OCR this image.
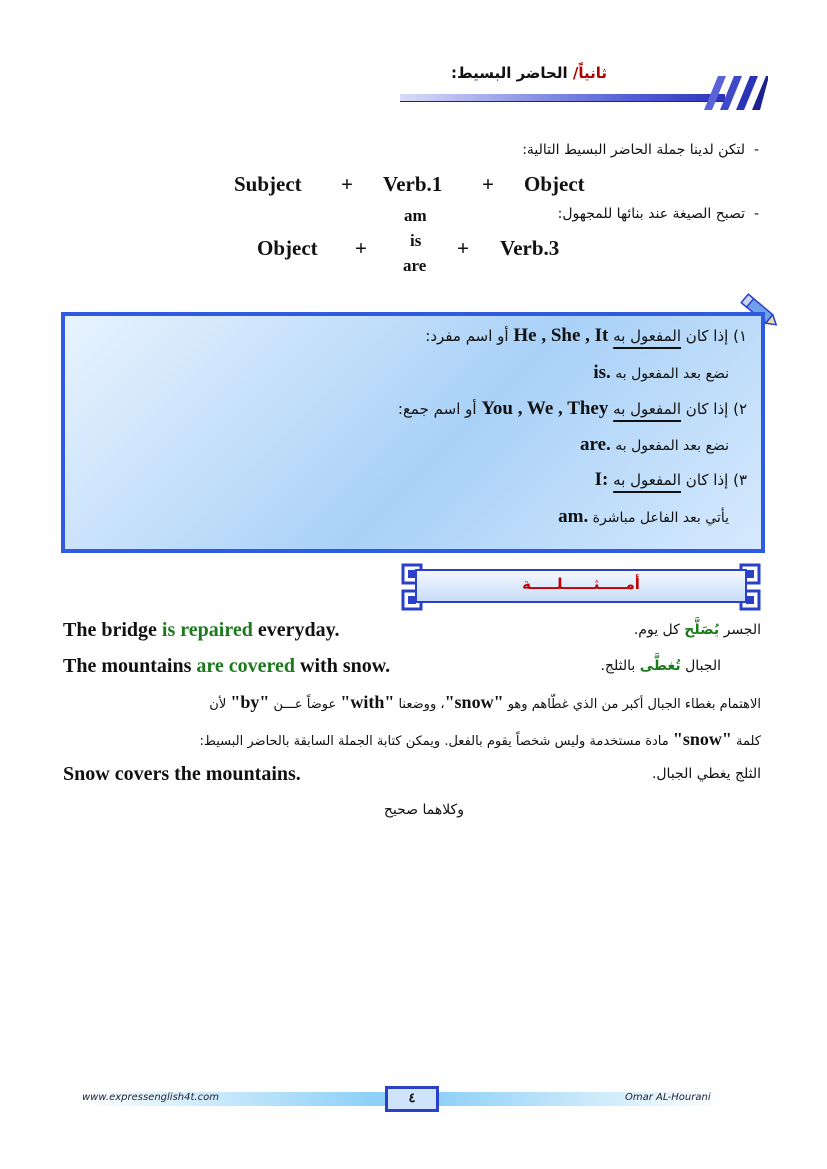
ثانياً/ الحاضر البسيط:
-  لتكن لدينا جملة الحاضر البسيط التالية:
Subject + Verb.1 + Object
-  تصبح الصيغة عند بنائها للمجهول:
Object +
am
is
are
+ Verb.3
١) إذا كان المفعول به He , She , It أو اسم مفرد:
نضع بعد المفعول به is.
٢) إذا كان المفعول به You , We , They أو اسم جمع:
نضع بعد المفعول به are.
٣) إذا كان المفعول به I:
يأتي بعد الفاعل مباشرة am.
أمـــــثــــــلـــــة
The bridge is repaired everyday.	الجسر يُصَلَّح كل يوم.
The mountains are covered with snow.	الجبال تُغطَّى بالثلج.
الاهتمام بغطاء الجبال أكبر من الذي غطّاهم وهو "snow"، ووضعنا "with" عوضاً عـــن "by" لأن
كلمة "snow" مادة مستخدمة وليس شخصاً يقوم بالفعل. ويمكن كتابة الجملة السابقة بالحاضر البسيط:
Snow covers the mountains.	الثلج يغطي الجبال.
وكلاهما صحيح
www.expressenglish4t.com	Omar AL-Hourani
٤
